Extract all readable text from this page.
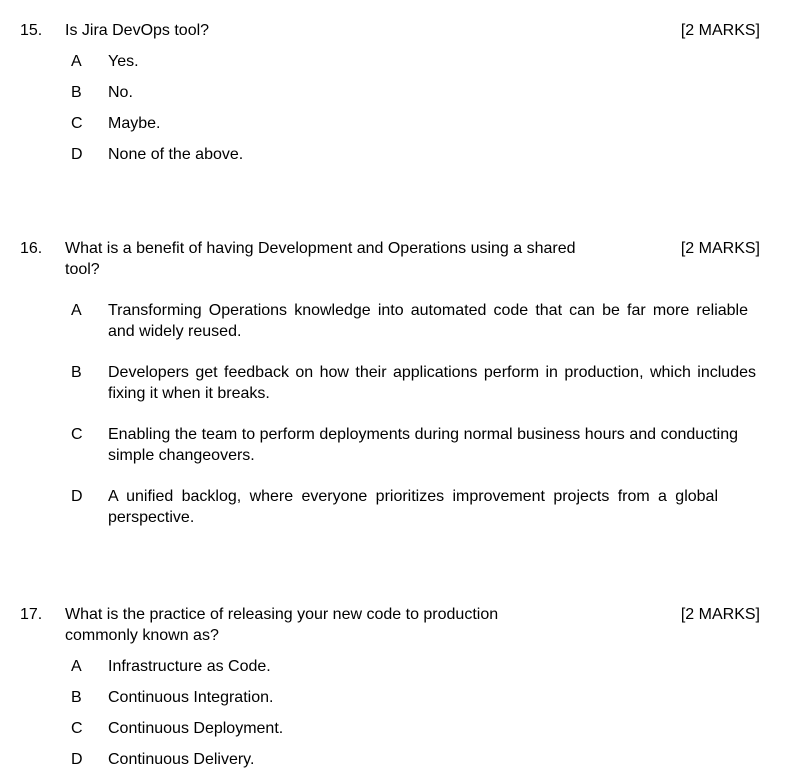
15. Is Jira DevOps tool?	[2 MARKS]
A Yes.
B No.
C Maybe.
D None of the above.
16. What is a benefit of having Development and Operations using a shared tool?
[2 MARKS]
A Transforming Operations knowledge into automated code that can be far more reliable and widely reused.
B Developers get feedback on how their applications perform in production, which includes fixing it when it breaks.
C Enabling the team to perform deployments during normal business hours and conducting simple changeovers.
D A unified backlog, where everyone prioritizes improvement projects from a global perspective.
17. What is the practice of releasing your new code to production commonly known as?
[2 MARKS]
A Infrastructure as Code.
B Continuous Integration.
C Continuous Deployment.
D Continuous Delivery.
